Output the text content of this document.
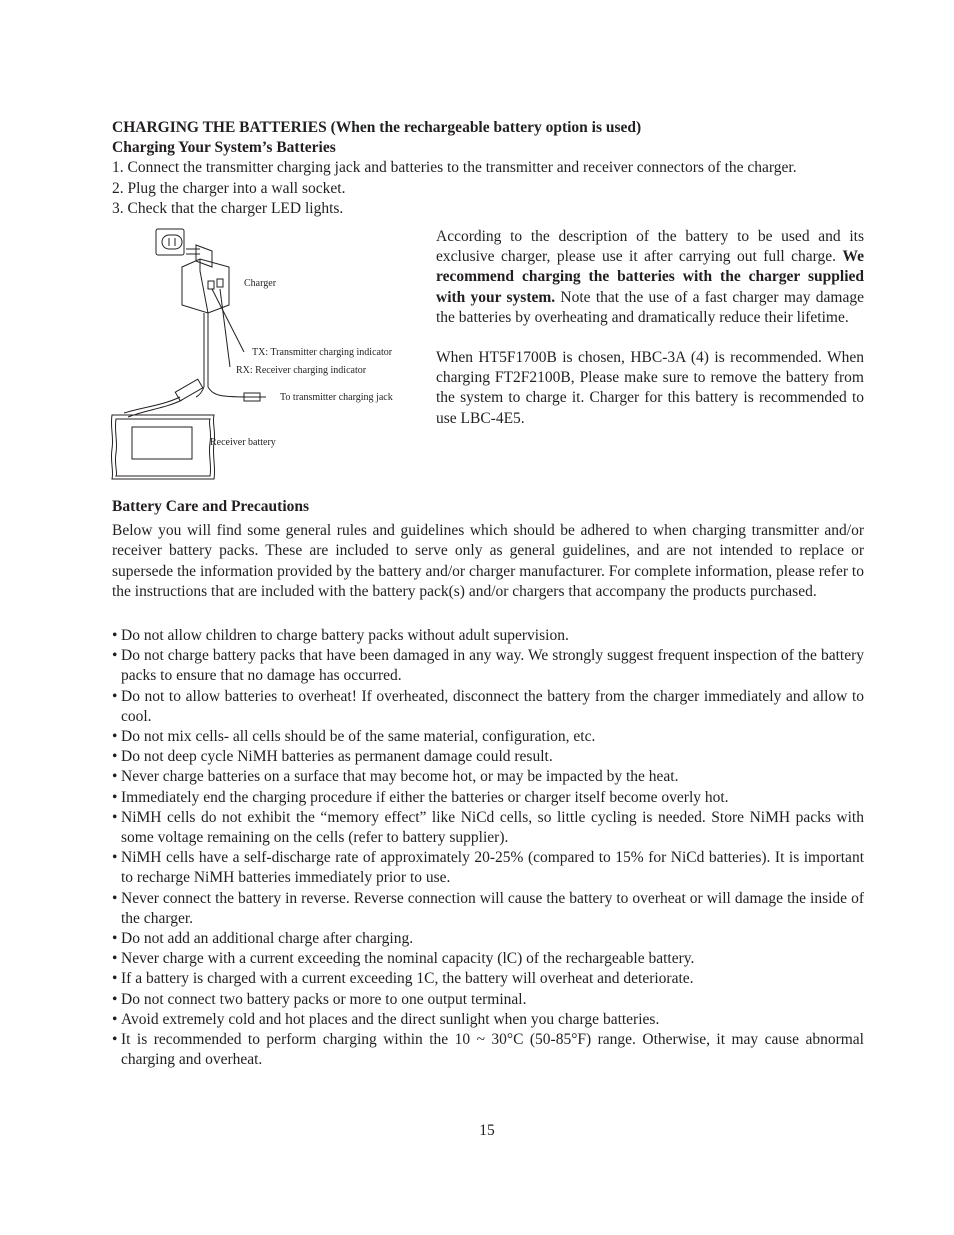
CHARGING THE BATTERIES (When the rechargeable battery option is used)

Charging Your System’s Batteries

1. Connect the transmitter charging jack and batteries to the transmitter and receiver connectors of the charger.

2. Plug the charger into a wall socket.

3. Check that the charger LED lights.

Charger
TX: Transmitter charging indicator
RX: Receiver charging indicator
To transmitter charging jack
Receiver battery

According to the description of the battery to be used and its exclusive charger, please use it after carrying out full charge. We recommend charging the batteries with the charger supplied with your system. Note that the use of a fast charger may damage the batteries by overheating and dramatically reduce their lifetime.

When HT5F1700B is chosen, HBC-3A (4) is recommended. When charging FT2F2100B, Please make sure to remove the battery from the system to charge it. Charger for this battery is recommended to use LBC-4E5.

Battery Care and Precautions

Below you will find some general rules and guidelines which should be adhered to when charging transmitter and/or receiver battery packs. These are included to serve only as general guidelines, and are not intended to replace or supersede the information provided by the battery and/or charger manufacturer. For complete information, please refer to the instructions that are included with the battery pack(s) and/or chargers that accompany the products purchased.

• Do not allow children to charge battery packs without adult supervision.
• Do not charge battery packs that have been damaged in any way. We strongly suggest frequent inspection of the battery packs to ensure that no damage has occurred.
• Do not to allow batteries to overheat! If overheated, disconnect the battery from the charger immediately and allow to cool.
• Do not mix cells- all cells should be of the same material, configuration, etc.
• Do not deep cycle NiMH batteries as permanent damage could result.
• Never charge batteries on a surface that may become hot, or may be impacted by the heat.
• Immediately end the charging procedure if either the batteries or charger itself become overly hot.
• NiMH cells do not exhibit the “memory effect” like NiCd cells, so little cycling is needed. Store NiMH packs with some voltage remaining on the cells (refer to battery supplier).
• NiMH cells have a self-discharge rate of approximately 20-25% (compared to 15% for NiCd batteries). It is important to recharge NiMH batteries immediately prior to use.
• Never connect the battery in reverse. Reverse connection will cause the battery to overheat or will damage the inside of the charger.
• Do not add an additional charge after charging.
• Never charge with a current exceeding the nominal capacity (lC) of the rechargeable battery.
• If a battery is charged with a current exceeding 1C, the battery will overheat and deteriorate.
• Do not connect two battery packs or more to one output terminal.
• Avoid extremely cold and hot places and the direct sunlight when you charge batteries.
• It is recommended to perform charging within the 10 ~ 30°C (50-85°F) range. Otherwise, it may cause abnormal charging and overheat.
15
